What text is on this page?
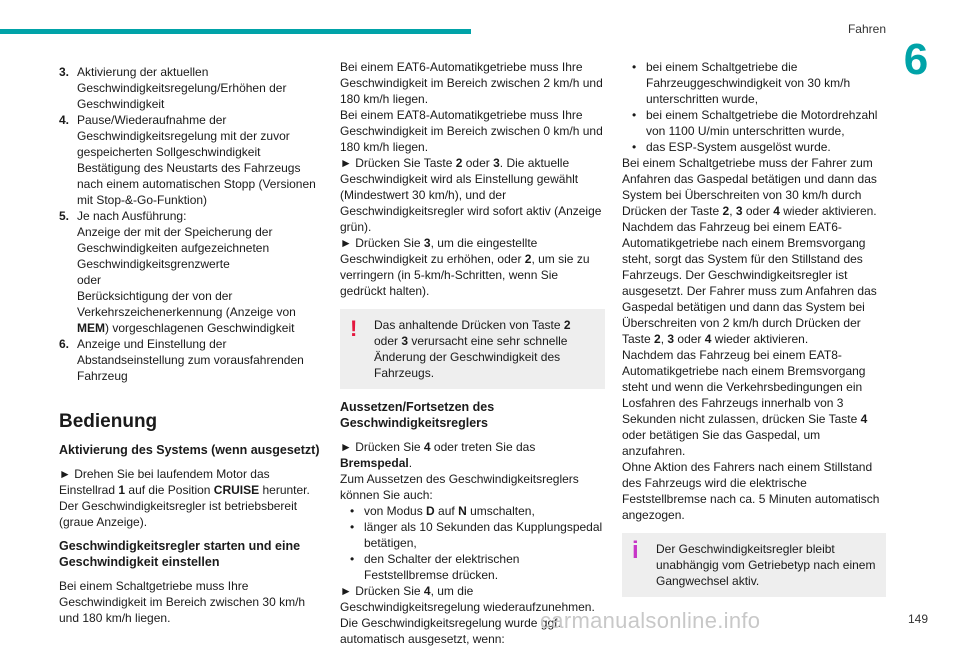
Fahren
6
3. Aktivierung der aktuellen Geschwindigkeitsregelung/Erhöhen der Geschwindigkeit

4. Pause/Wiederaufnahme der Geschwindigkeitsregelung mit der zuvor gespeicherten Sollgeschwindigkeit

Bestätigung des Neustarts des Fahrzeugs nach einem automatischen Stopp (Versionen mit Stop-&-Go-Funktion)

5. Je nach Ausführung:

Anzeige der mit der Speicherung der Geschwindigkeiten aufgezeichneten Geschwindigkeitsgrenzwerte

oder

Berücksichtigung der von der Verkehrszeichenerkennung (Anzeige von MEM) vorgeschlagenen Geschwindigkeit

6. Anzeige und Einstellung der Abstandseinstellung zum vorausfahrenden Fahrzeug

Bedienung
Aktivierung des Systems (wenn ausgesetzt)

► Drehen Sie bei laufendem Motor das Einstellrad 1 auf die Position CRUISE herunter. Der Geschwindigkeitsregler ist betriebsbereit (graue Anzeige).

Geschwindigkeitsregler starten und eine Geschwindigkeit einstellen

Bei einem Schaltgetriebe muss Ihre Geschwindigkeit im Bereich zwischen 30 km/h und 180 km/h liegen.

Bei einem EAT6-Automatikgetriebe muss Ihre Geschwindigkeit im Bereich zwischen 2 km/h und 180 km/h liegen.

Bei einem EAT8-Automatikgetriebe muss Ihre Geschwindigkeit im Bereich zwischen 0 km/h und 180 km/h liegen.

► Drücken Sie Taste 2 oder 3. Die aktuelle Geschwindigkeit wird als Einstellung gewählt (Mindestwert 30 km/h), und der Geschwindigkeitsregler wird sofort aktiv (Anzeige grün).

► Drücken Sie 3, um die eingestellte Geschwindigkeit zu erhöhen, oder 2, um sie zu verringern (in 5-km/h-Schritten, wenn Sie gedrückt halten).

! Das anhaltende Drücken von Taste 2 oder 3 verursacht eine sehr schnelle Änderung der Geschwindigkeit des Fahrzeugs.

Aussetzen/Fortsetzen des Geschwindigkeitsreglers

► Drücken Sie 4 oder treten Sie das Bremspedal.

Zum Aussetzen des Geschwindigkeitsreglers können Sie auch:

• von Modus D auf N umschalten,
• länger als 10 Sekunden das Kupplungspedal betätigen,
• den Schalter der elektrischen Feststellbremse drücken.

► Drücken Sie 4, um die Geschwindigkeitsregelung wiederaufzunehmen. Die Geschwindigkeitsregelung wurde ggf. automatisch ausgesetzt, wenn:

• bei einem Schaltgetriebe die Fahrzeuggeschwindigkeit von 30 km/h unterschritten wurde,
• bei einem Schaltgetriebe die Motordrehzahl von 1100 U/min unterschritten wurde,
• das ESP-System ausgelöst wurde.

Bei einem Schaltgetriebe muss der Fahrer zum Anfahren das Gaspedal betätigen und dann das System bei Überschreiten von 30 km/h durch Drücken der Taste 2, 3 oder 4 wieder aktivieren.

Nachdem das Fahrzeug bei einem EAT6-Automatikgetriebe nach einem Bremsvorgang steht, sorgt das System für den Stillstand des Fahrzeugs. Der Geschwindigkeitsregler ist ausgesetzt. Der Fahrer muss zum Anfahren das Gaspedal betätigen und dann das System bei Überschreiten von 2 km/h durch Drücken der Taste 2, 3 oder 4 wieder aktivieren.

Nachdem das Fahrzeug bei einem EAT8-Automatikgetriebe nach einem Bremsvorgang steht und wenn die Verkehrsbedingungen ein Losfahren des Fahrzeugs innerhalb von 3 Sekunden nicht zulassen, drücken Sie Taste 4 oder betätigen Sie das Gaspedal, um anzufahren.

Ohne Aktion des Fahrers nach einem Stillstand des Fahrzeugs wird die elektrische Feststellbremse nach ca. 5 Minuten automatisch angezogen.

i Der Geschwindigkeitsregler bleibt unabhängig vom Getriebetyp nach einem Gangwechsel aktiv.

carmanualsonline.info	149
